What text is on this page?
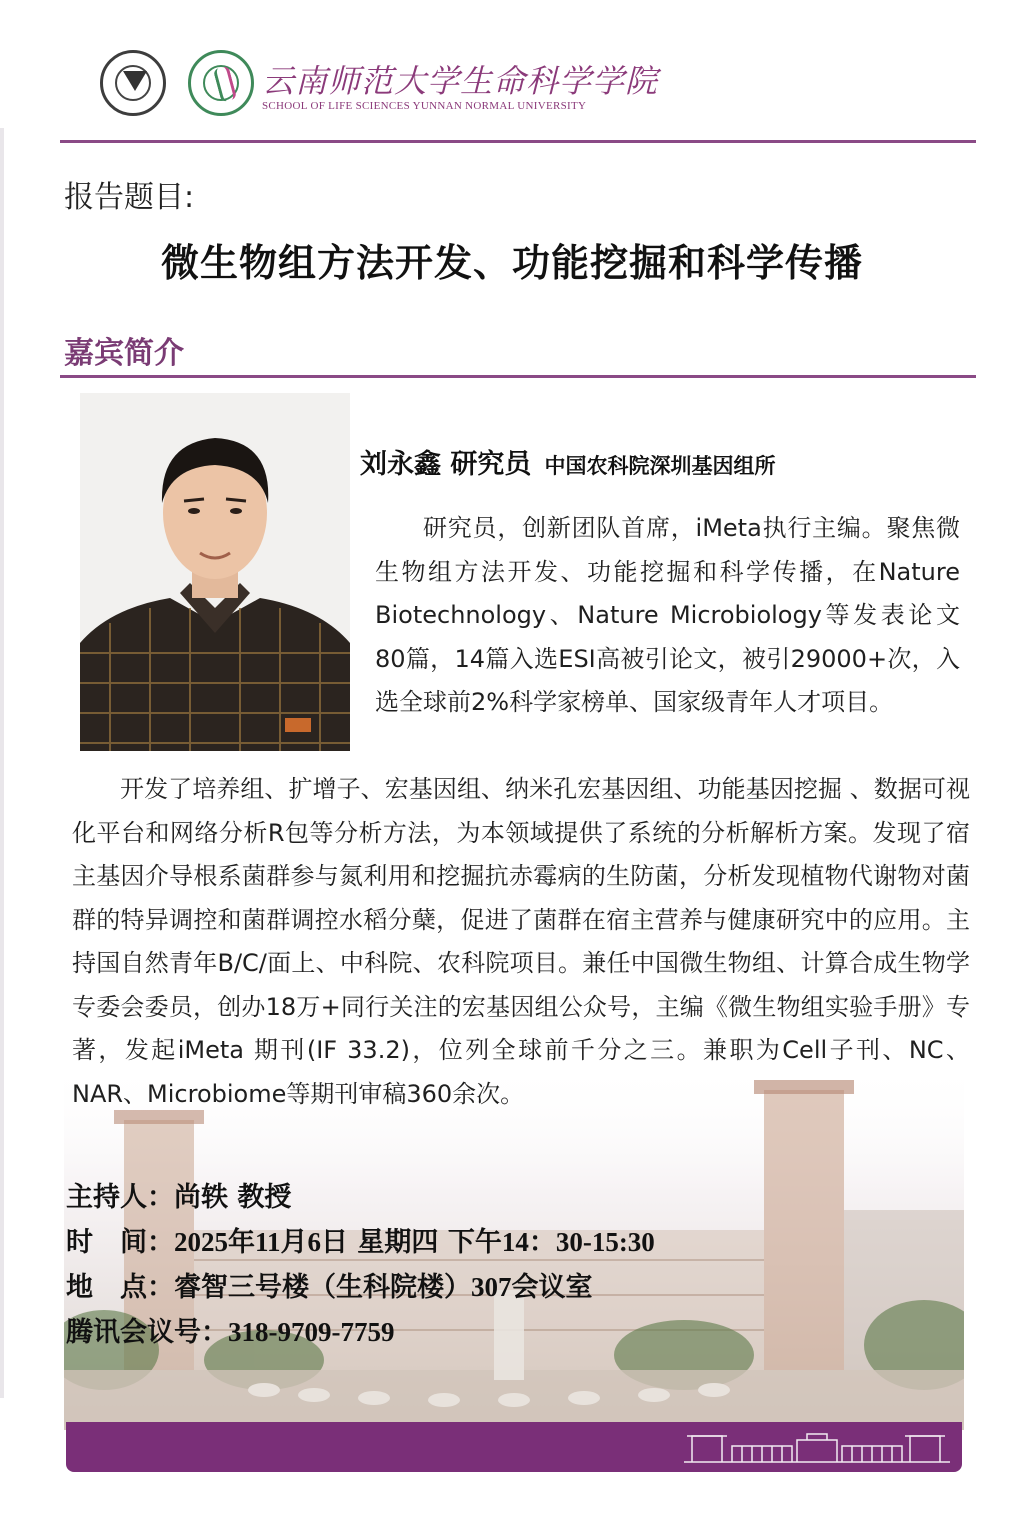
云南师范大学生命科学学院
SCHOOL OF LIFE SCIENCES YUNNAN NORMAL UNIVERSITY
报告题目:
微生物组方法开发、功能挖掘和科学传播
嘉宾简介
刘永鑫 研究员 中国农科院深圳基因组所

研究员，创新团队首席，iMeta执行主编。聚焦微生物组方法开发、功能挖掘和科学传播，在Nature Biotechnology、Nature Microbiology等发表论文80篇，14篇入选ESI高被引论文，被引29000+次，入选全球前2%科学家榜单、国家级青年人才项目。

开发了培养组、扩增子、宏基因组、纳米孔宏基因组、功能基因挖掘 、数据可视化平台和网络分析R包等分析方法，为本领域提供了系统的分析解析方案。发现了宿主基因介导根系菌群参与氮利用和挖掘抗赤霉病的生防菌，分析发现植物代谢物对菌群的特异调控和菌群调控水稻分蘖，促进了菌群在宿主营养与健康研究中的应用。主持国自然青年B/C/面上、中科院、农科院项目。兼任中国微生物组、计算合成生物学专委会委员，创办18万+同行关注的宏基因组公众号，主编《微生物组实验手册》专著，发起iMeta 期刊(IF 33.2)，位列全球前千分之三。兼职为Cell子刊、NC、NAR、Microbiome等期刊审稿360余次。

主持人：尚轶 教授
时　间：2025年11月6日 星期四 下午14：30-15:30
地　点：睿智三号楼（生科院楼）307会议室
腾讯会议号：318-9709-7759
